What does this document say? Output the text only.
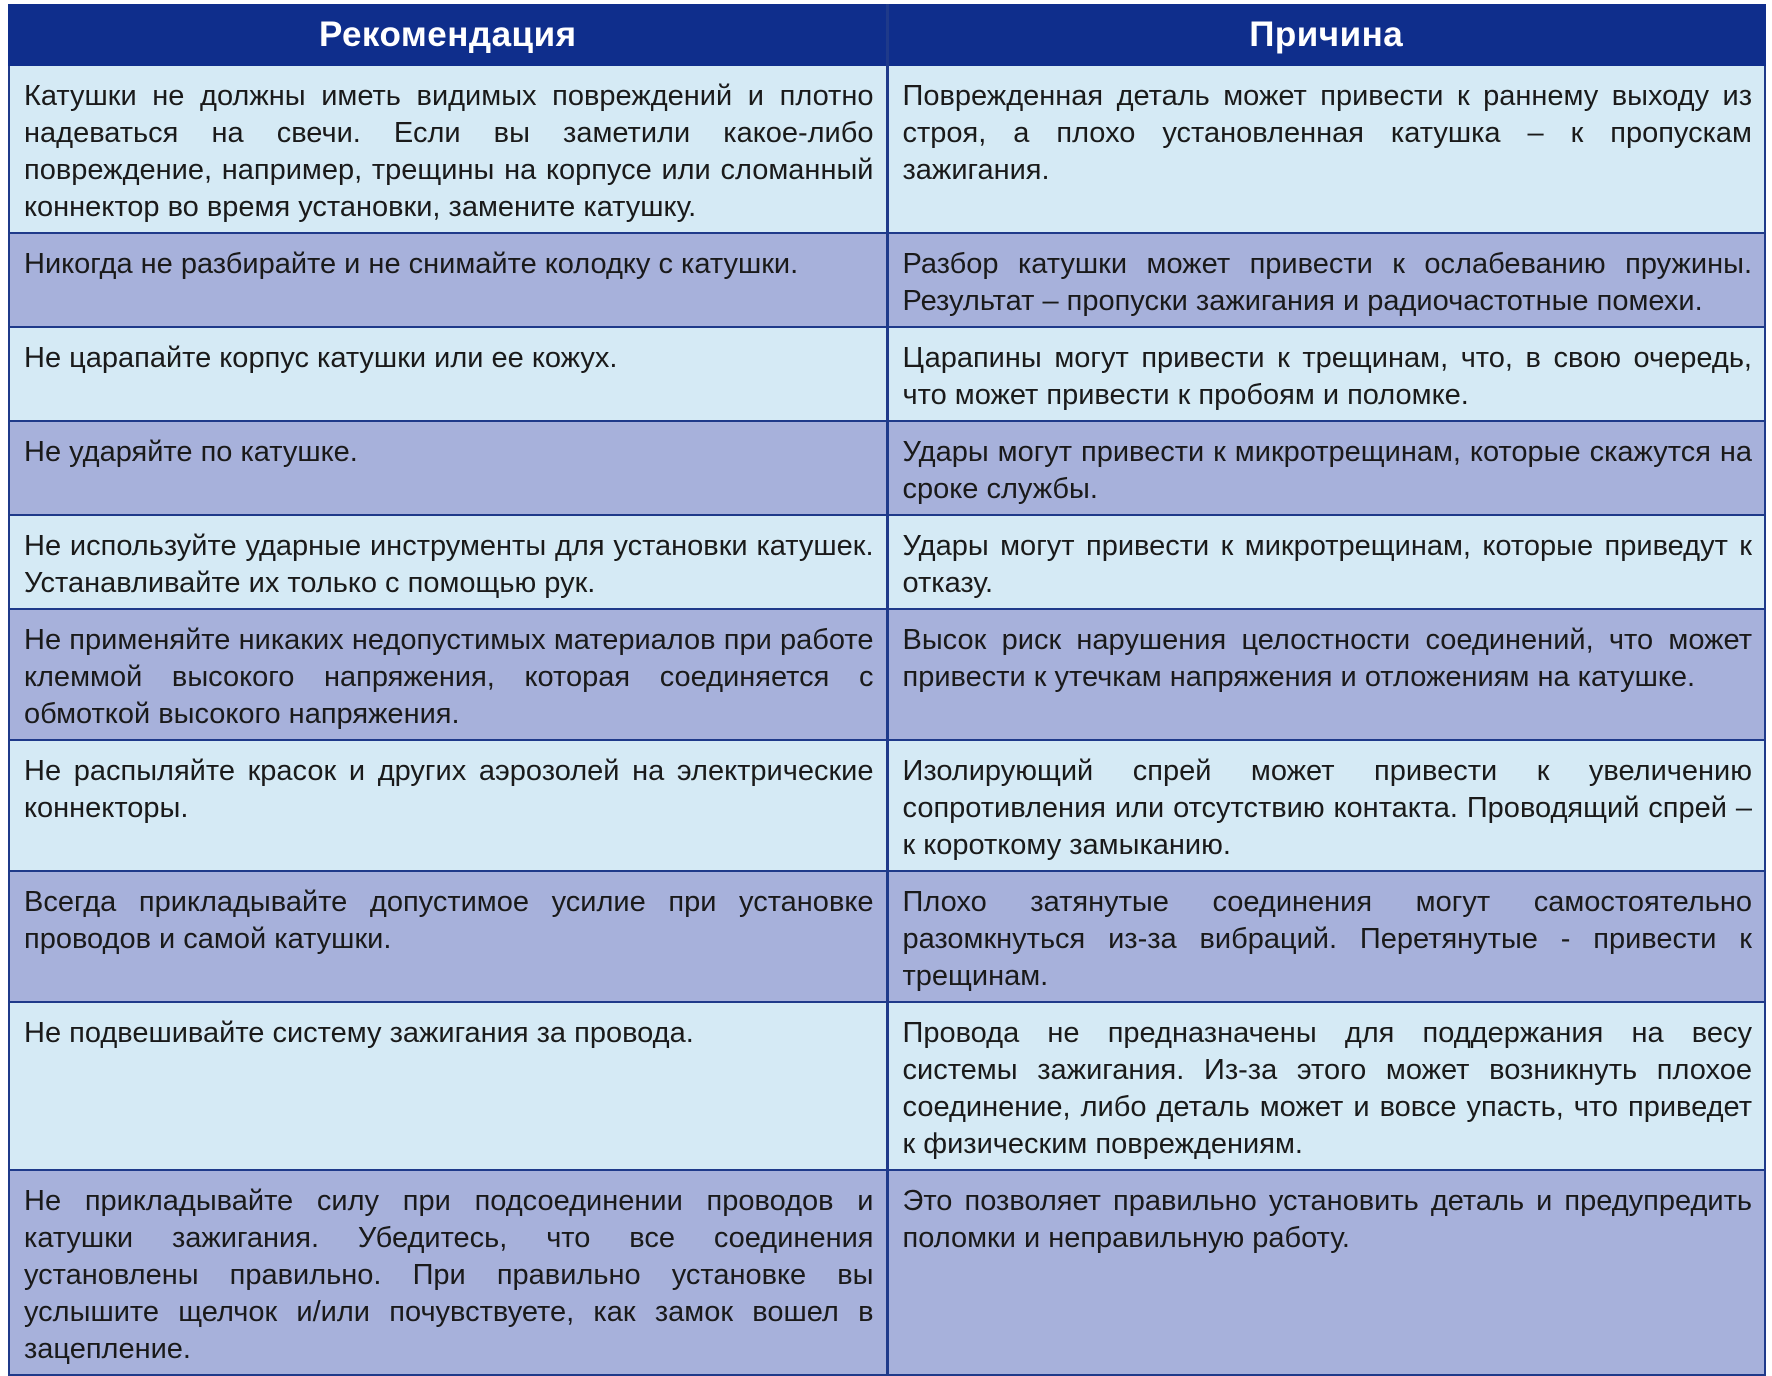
Рекомендация	Причина
Катушки не должны иметь видимых повреждений и плотно надеваться на свечи. Если вы заметили какое-либо повреждение, например, трещины на корпусе или сломанный коннектор во время установки, замените катушку.	Поврежденная деталь может привести к раннему выходу из строя, а плохо установленная катушка – к пропускам зажигания.
Никогда не разбирайте и не снимайте колодку с катушки.	Разбор катушки может привести к ослабеванию пружины. Результат – пропуски зажигания и радиочастотные помехи.
Не царапайте корпус катушки или ее кожух.	Царапины могут привести к трещинам, что, в свою очередь, что может привести к пробоям и поломке.
Не ударяйте по катушке.	Удары могут привести к микротрещинам, которые скажутся на сроке службы.
Не используйте ударные инструменты для установки катушек. Устанавливайте их только с помощью рук.	Удары могут привести к микротрещинам, которые приведут к отказу.
Не применяйте никаких недопустимых материалов при работе клеммой высокого напряжения, которая соединяется с обмоткой высокого напряжения.	Высок риск нарушения целостности соединений, что может привести к утечкам напряжения и отложениям на катушке.
Не распыляйте красок и других аэрозолей на электрические коннекторы.	Изолирующий спрей может привести к увеличению сопротивления или отсутствию контакта. Проводящий спрей – к короткому замыканию.
Всегда прикладывайте допустимое усилие при установке проводов и самой катушки.	Плохо затянутые соединения могут самостоятельно разомкнуться из-за вибраций. Перетянутые - привести к трещинам.
Не подвешивайте систему зажигания за провода.	Провода не предназначены для поддержания на весу системы зажигания. Из-за этого может возникнуть плохое соединение, либо деталь может и вовсе упасть, что приведет к физическим повреждениям.
Не прикладывайте силу при подсоединении проводов и катушки зажигания. Убедитесь, что все соединения установлены правильно. При правильно установке вы услышите щелчок и/или почувствуете, как замок вошел в зацепление.	Это позволяет правильно установить деталь и предупредить поломки и неправильную работу.
